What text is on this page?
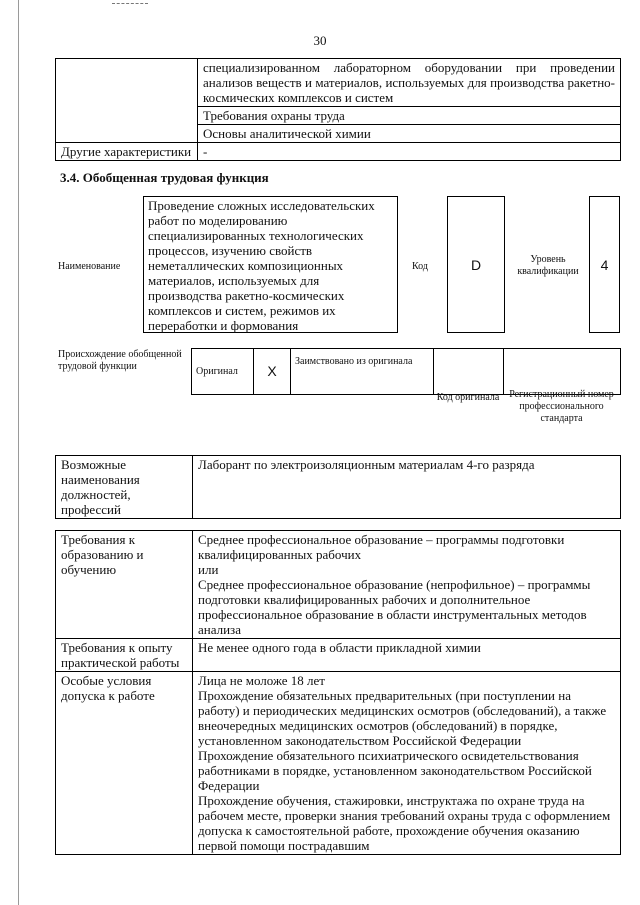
30
	специализированном лабораторном оборудовании при проведении анализов веществ и материалов, используемых для производства ракетно-космических комплексов и систем
	Требования охраны труда
	Основы аналитической химии
Другие характеристики	-
3.4. Обобщенная трудовая функция
Наименование
Проведение сложных исследовательских работ по моделированию специализированных технологических процессов, изучению свойств неметаллических композиционных материалов, используемых для производства ракетно-космических комплексов и систем, режимов их переработки и формования
Код	D	Уровень квалификации	4
Происхождение обобщенной трудовой функции	Оригинал	X	Заимствовано из оригинала		
Код оригинала Регистрационный номер профессионального стандарта
Возможные наименования должностей, профессий	Лаборант по электроизоляционным материалам 4-го разряда
Требования к образованию и обучению	Среднее профессиональное образование – программы подготовки квалифицированных рабочих

или

Среднее профессиональное образование (непрофильное) – программы подготовки квалифицированных рабочих и дополнительное профессиональное образование в области инструментальных методов анализа

Требования к опыту практической работы	Не менее одного года в области прикладной химии
Особые условия допуска к работе	Лица не моложе 18 лет

Прохождение обязательных предварительных (при поступлении на работу) и периодических медицинских осмотров (обследований), а также внеочередных медицинских осмотров (обследований) в порядке, установленном законодательством Российской Федерации

Прохождение обязательного психиатрического освидетельствования работниками в порядке, установленном законодательством Российской Федерации

Прохождение обучения, стажировки, инструктажа по охране труда на рабочем месте, проверки знания требований охраны труда с оформлением допуска к самостоятельной работе, прохождение обучения оказанию первой помощи пострадавшим
